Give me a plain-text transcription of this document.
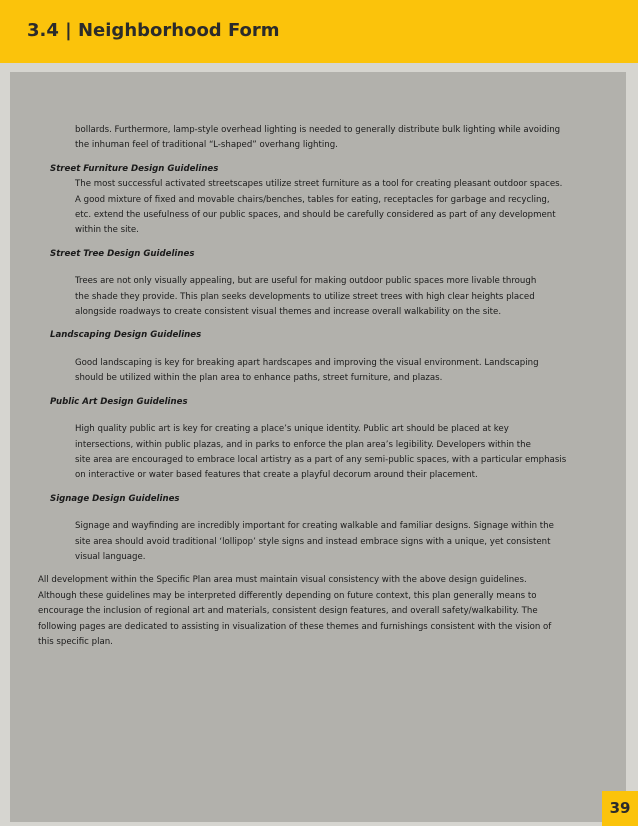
3.4 | Neighborhood Form

bollards. Furthermore, lamp-style overhead lighting is needed to generally distribute bulk lighting while avoiding

the inhuman feel of traditional “L-shaped” overhang lighting.

Street Furniture Design Guidelines

The most successful activated streetscapes utilize street furniture as a tool for creating pleasant outdoor spaces.

A good mixture of fixed and movable chairs/benches, tables for eating, receptacles for garbage and recycling,

etc. extend the usefulness of our public spaces, and should be carefully considered as part of any development

within the site.

Street Tree Design Guidelines

Trees are not only visually appealing, but are useful for making outdoor public spaces more livable through

the shade they provide. This plan seeks developments to utilize street trees with high clear heights placed

alongside roadways to create consistent visual themes and increase overall walkability on the site.

Landscaping Design Guidelines

Good landscaping is key for breaking apart hardscapes and improving the visual environment. Landscaping

should be utilized within the plan area to enhance paths, street furniture, and plazas.

Public Art Design Guidelines

High quality public art is key for creating a place’s unique identity. Public art should be placed at key

intersections, within public plazas, and in parks to enforce the plan area’s legibility. Developers within the

site area are encouraged to embrace local artistry as a part of any semi-public spaces, with a particular emphasis

on interactive or water based features that create a playful decorum around their placement.

Signage Design Guidelines

Signage and wayfinding are incredibly important for creating walkable and familiar designs. Signage within the

site area should avoid traditional ‘lollipop’ style signs and instead embrace signs with a unique, yet consistent

visual language.

All development within the Specific Plan area must maintain visual consistency with the above design guidelines.

Although these guidelines may be interpreted differently depending on future context, this plan generally means to

encourage the inclusion of regional art and materials, consistent design features, and overall safety/walkability. The

following pages are dedicated to assisting in visualization of these themes and furnishings consistent with the vision of

this specific plan.

39
